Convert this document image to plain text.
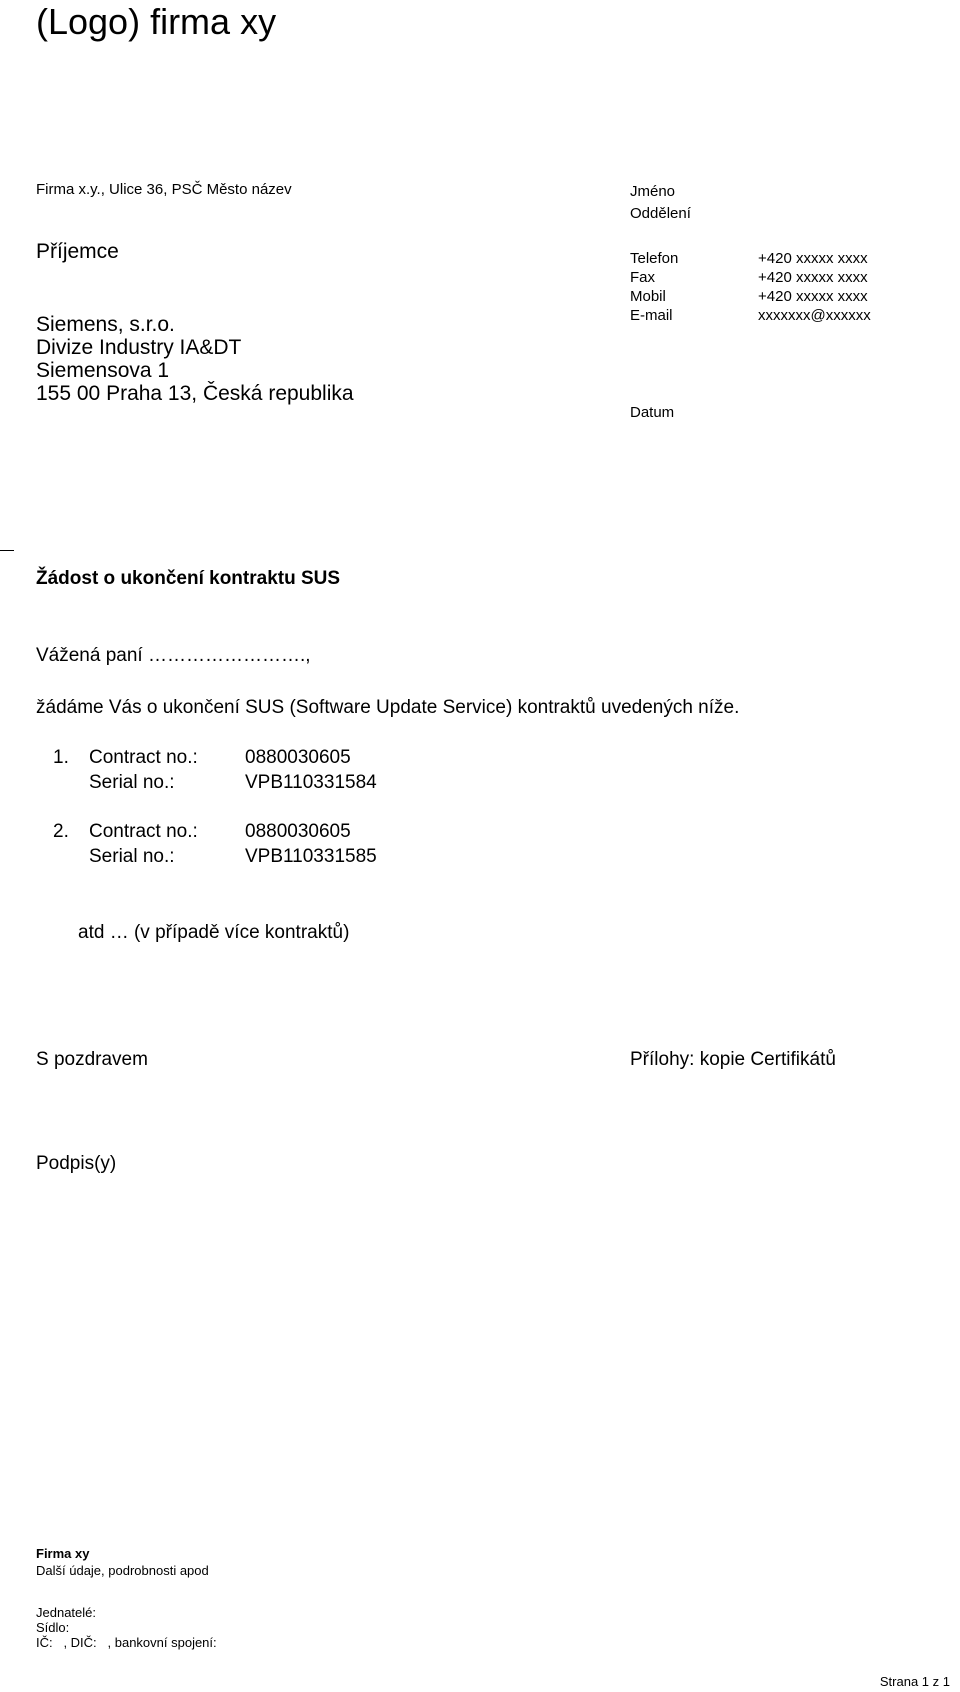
(Logo) firma xy
Firma x.y., Ulice 36, PSČ Město název
Příjemce
Siemens, s.r.o.
Divize Industry IA&DT
Siemensova 1
155 00 Praha 13, Česká republika
Jméno
Oddělení
Telefon	+420 xxxxx xxxx
Fax	+420 xxxxx xxxx
Mobil	+420 xxxxx xxxx
E-mail	xxxxxxx@xxxxxx
Datum
Žádost o ukončení kontraktu SUS
Vážená paní …………………….,
žádáme Vás o ukončení SUS (Software Update Service) kontraktů uvedených níže.
1. Contract no.:	0880030605
Serial no.:	VPB110331584
2. Contract no.:	0880030605
Serial no.:	VPB110331585
atd … (v případě více kontraktů)
S pozdravem	Přílohy: kopie Certifikátů
Podpis(y)
Firma xy
Další údaje, podrobnosti apod
Jednatelé:
Sídlo:
IČ:   , DIČ:   , bankovní spojení:
Strana 1 z 1
